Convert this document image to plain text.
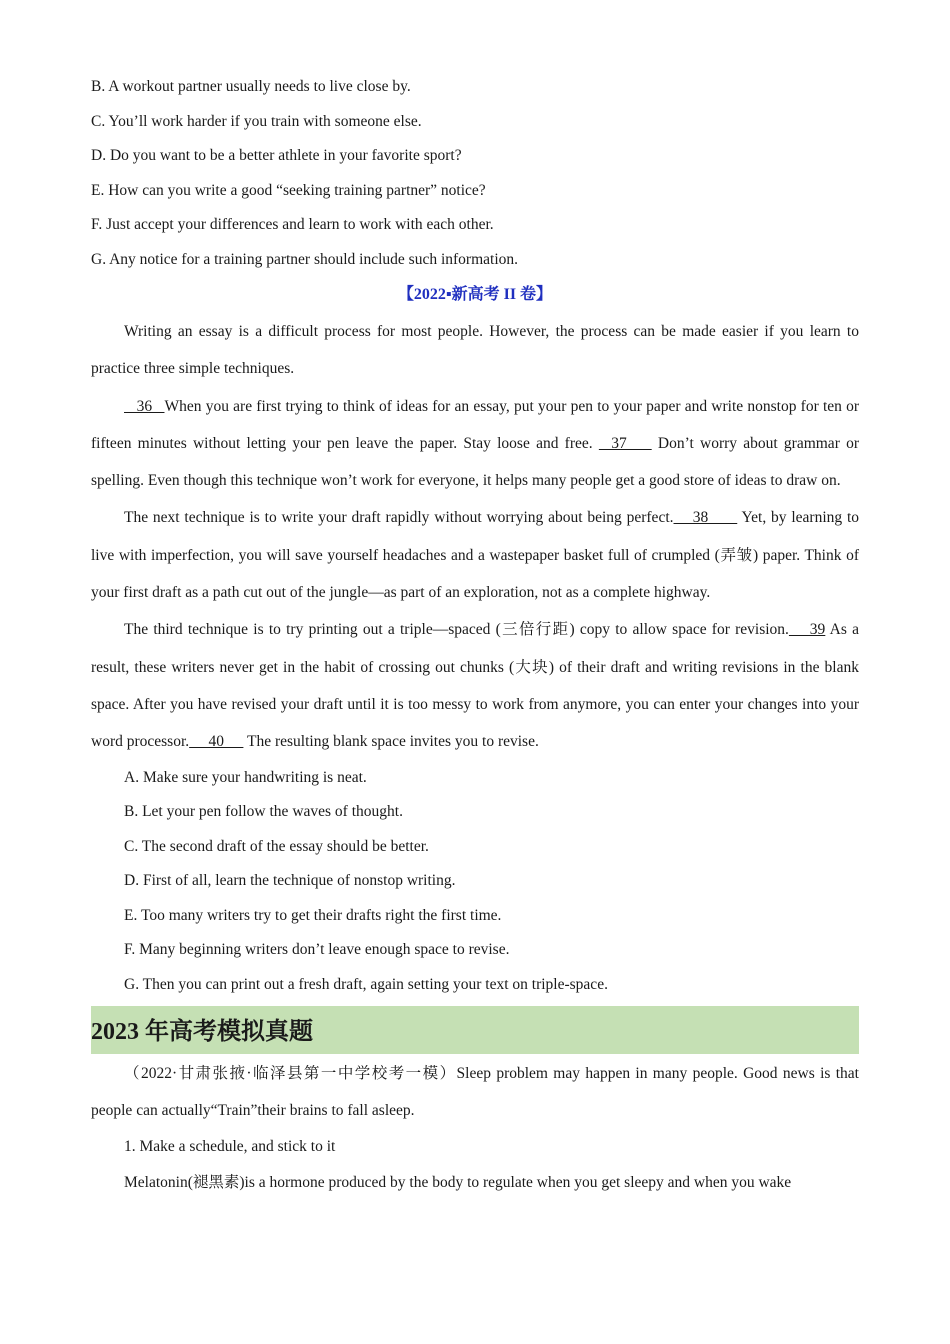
B. A workout partner usually needs to live close by.
C. You’ll work harder if you train with someone else.
D. Do you want to be a better athlete in your favorite sport?
E. How can you write a good “seeking training partner” notice?
F. Just accept your differences and learn to work with each other.
G. Any notice for a training partner should include such information.
【2022▪新高考 II 卷】

Writing an essay is a difficult process for most people. However, the process can be made easier if you learn to practice three simple techniques.

36   When you are first trying to think of ideas for an essay, put your pen to your paper and write nonstop for ten or fifteen minutes without letting your pen leave the paper. Stay loose and free.   37     Don’t worry about grammar or spelling. Even though this technique won’t work for everyone, it helps many people get a good store of ideas to draw on.

The next technique is to write your draft rapidly without worrying about being perfect.    38       Yet, by learning to live with imperfection, you will save yourself headaches and a wastepaper basket full of crumpled (弄皱) paper. Think of your first draft as a path cut out of the jungle—as part of an exploration, not as a complete highway.

The third technique is to try printing out a triple—spaced (三倍行距) copy to allow space for revision.    39 As a result, these writers never get in the habit of crossing out chunks (大块) of their draft and writing revisions in the blank space. After you have revised your draft until it is too messy to work from anymore, you can enter your changes into your word processor.     40      The resulting blank space invites you to revise.

A. Make sure your handwriting is neat.
B. Let your pen follow the waves of thought.
C. The second draft of the essay should be better.
D. First of all, learn the technique of nonstop writing.
E. Too many writers try to get their drafts right the first time.
F. Many beginning writers don’t leave enough space to revise.
G. Then you can print out a fresh draft, again setting your text on triple-space.
2023 年高考模拟真题

（2022·甘肃张掖·临泽县第一中学校考一模）Sleep problem may happen in many people. Good news is that people can actually“Train”their brains to fall asleep.

1. Make a schedule, and stick to it

Melatonin(褪黑素)is a hormone produced by the body to regulate when you get sleepy and when you wake
